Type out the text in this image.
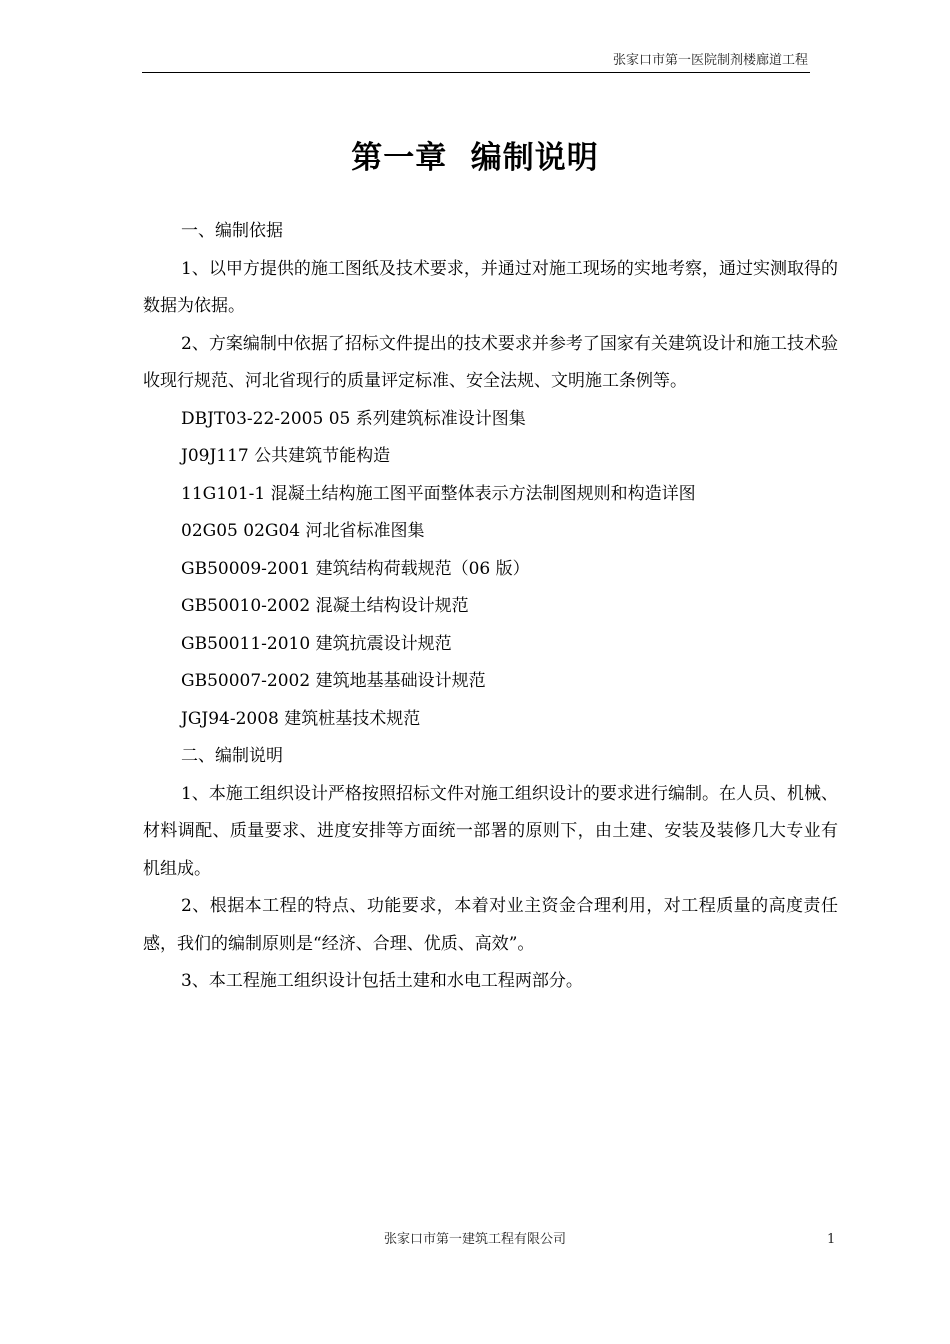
张家口市第一医院制剂楼廊道工程
第一章  编制说明

一、编制依据

1、以甲方提供的施工图纸及技术要求，并通过对施工现场的实地考察，通过实测取得的数据为依据。

2、方案编制中依据了招标文件提出的技术要求并参考了国家有关建筑设计和施工技术验收现行规范、河北省现行的质量评定标准、安全法规、文明施工条例等。

DBJT03-22-2005 05 系列建筑标准设计图集

J09J117 公共建筑节能构造

11G101-1 混凝土结构施工图平面整体表示方法制图规则和构造详图

02G05 02G04 河北省标准图集

GB50009-2001 建筑结构荷载规范（06 版）

GB50010-2002 混凝土结构设计规范

GB50011-2010 建筑抗震设计规范

GB50007-2002 建筑地基基础设计规范

JGJ94-2008 建筑桩基技术规范

二、编制说明

1、本施工组织设计严格按照招标文件对施工组织设计的要求进行编制。在人员、机械、材料调配、质量要求、进度安排等方面统一部署的原则下，由土建、安装及装修几大专业有机组成。

2、根据本工程的特点、功能要求，本着对业主资金合理利用，对工程质量的高度责任感，我们的编制原则是“经济、合理、优质、高效”。

3、本工程施工组织设计包括土建和水电工程两部分。

张家口市第一建筑工程有限公司	1
